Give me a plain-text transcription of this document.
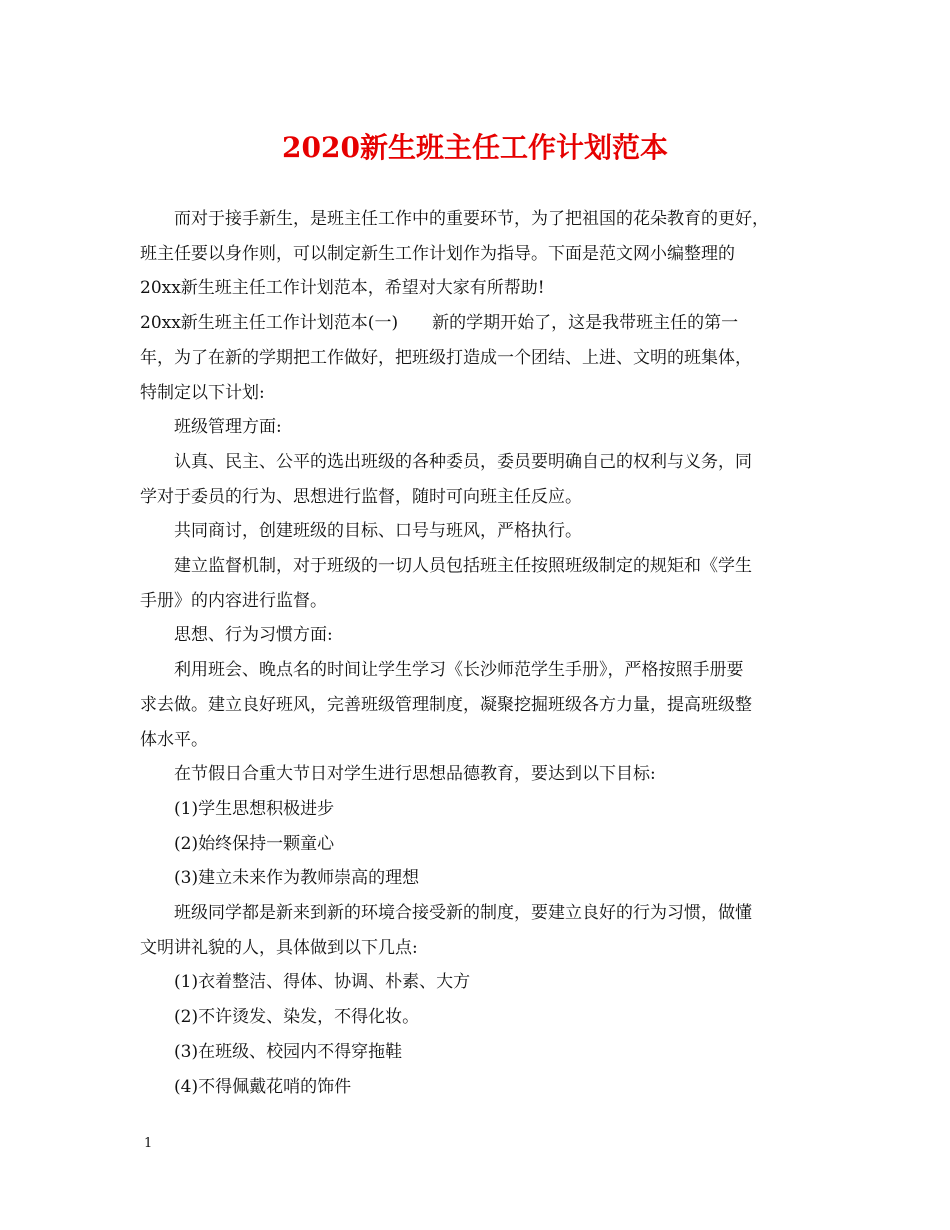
2020新生班主任工作计划范本

而对于接手新生，是班主任工作中的重要环节，为了把祖国的花朵教育的更好，

班主任要以身作则，可以制定新生工作计划作为指导。下面是范文网小编整理的

20xx新生班主任工作计划范本，希望对大家有所帮助!

20xx新生班主任工作计划范本(一)　　新的学期开始了，这是我带班主任的第一

年，为了在新的学期把工作做好，把班级打造成一个团结、上进、文明的班集体，

特制定以下计划:

班级管理方面:

认真、民主、公平的选出班级的各种委员，委员要明确自己的权利与义务，同

学对于委员的行为、思想进行监督，随时可向班主任反应。

共同商讨，创建班级的目标、口号与班风，严格执行。

建立监督机制，对于班级的一切人员包括班主任按照班级制定的规矩和《学生

手册》的内容进行监督。

思想、行为习惯方面:

利用班会、晚点名的时间让学生学习《长沙师范学生手册》，严格按照手册要

求去做。建立良好班风，完善班级管理制度，凝聚挖掘班级各方力量，提高班级整

体水平。

在节假日合重大节日对学生进行思想品德教育，要达到以下目标:

(1)学生思想积极进步

(2)始终保持一颗童心

(3)建立未来作为教师崇高的理想

班级同学都是新来到新的环境合接受新的制度，要建立良好的行为习惯，做懂

文明讲礼貌的人，具体做到以下几点:

(1)衣着整洁、得体、协调、朴素、大方

(2)不许烫发、染发，不得化妆。

(3)在班级、校园内不得穿拖鞋

(4)不得佩戴花哨的饰件

1
